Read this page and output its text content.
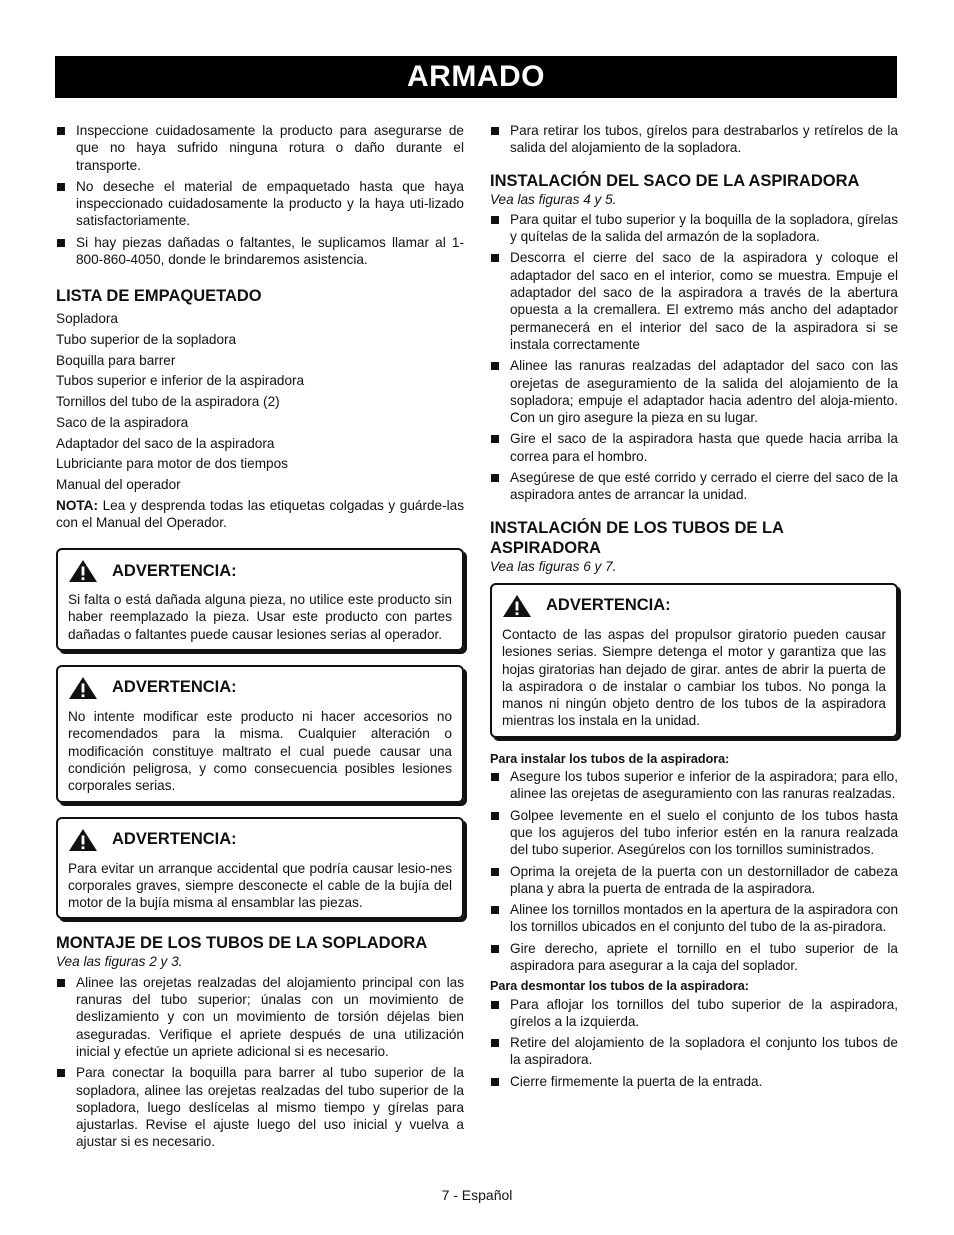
ARMADO
Inspeccione cuidadosamente la producto para asegurarse de que no haya sufrido ninguna rotura o daño durante el transporte.
No deseche el material de empaquetado hasta que haya inspeccionado cuidadosamente la producto y la haya uti-lizado satisfactoriamente.
Si hay piezas dañadas o faltantes, le suplicamos llamar al 1-800-860-4050, donde le brindaremos asistencia.
LISTA DE EMPAQUETADO
Sopladora
Tubo superior de la sopladora
Boquilla para barrer
Tubos superior e inferior de la aspiradora
Tornillos del tubo de la aspiradora (2)
Saco de la aspiradora
Adaptador del saco de la aspiradora
Lubriciante para motor de dos tiempos
Manual del operador
NOTA: Lea y desprenda todas las etiquetas colgadas y guárde-las con el Manual del Operador.
ADVERTENCIA:
Si falta o está dañada alguna pieza, no utilice este producto sin haber reemplazado la pieza. Usar este producto con partes dañadas o faltantes puede causar lesiones serias al operador.
ADVERTENCIA:
No intente modificar este producto ni hacer accesorios no recomendados para la misma. Cualquier alteración o modificación constituye maltrato el cual puede causar una condición peligrosa, y como consecuencia posibles lesiones corporales serias.
ADVERTENCIA:
Para evitar un arranque accidental que podría causar lesio-nes corporales graves, siempre desconecte el cable de la bujía del motor de la bujía misma al ensamblar las piezas.
MONTAJE DE LOS TUBOS DE LA SOPLADORA
Vea las figuras 2 y 3.
Alinee las orejetas realzadas del alojamiento principal con las ranuras del tubo superior; únalas con un movimiento de deslizamiento y con un movimiento de torsión déjelas bien aseguradas. Verifique el apriete después de una utilización inicial y efectúe un apriete adicional si es necesario.
Para conectar la boquilla para barrer al tubo superior de la sopladora, alinee las orejetas realzadas del tubo superior de la sopladora, luego deslícelas al mismo tiempo y gírelas para ajustarlas. Revise el ajuste luego del uso inicial y vuelva a ajustar si es necesario.
Para retirar los tubos, gírelos para destrabarlos y retírelos de la salida del alojamiento de la sopladora.
INSTALACIÓN DEL SACO DE LA ASPIRADORA
Vea las figuras 4 y 5.
Para quitar el tubo superior y la boquilla de la sopladora, gírelas y quítelas de la salida del armazón de la sopladora.
Descorra el cierre del saco de la aspiradora y coloque el adaptador del saco en el interior, como se muestra. Empuje el adaptador del saco de la aspiradora a través de la abertura opuesta a la cremallera. El extremo más ancho del adaptador permanecerá en el interior del saco de la aspiradora si se instala correctamente
Alinee las ranuras realzadas del adaptador del saco con las orejetas de aseguramiento de la salida del alojamiento de la sopladora; empuje el adaptador hacia adentro del aloja-miento. Con un giro asegure la pieza en su lugar.
Gire el saco de la aspiradora hasta que quede hacia arriba la correa para el hombro.
Asegúrese de que esté corrido y cerrado el cierre del saco de la aspiradora antes de arrancar la unidad.
INSTALACIÓN DE LOS TUBOS DE LA ASPIRADORA
Vea las figuras 6 y 7.
ADVERTENCIA:
Contacto de las aspas del propulsor giratorio pueden causar lesiones serias. Siempre detenga el motor y garantiza que las hojas giratorias han dejado de girar. antes de abrir la puerta de la aspiradora o de instalar o cambiar los tubos. No ponga la manos ni ningún objeto dentro de los tubos de la aspiradora mientras los instala en la unidad.
Para instalar los tubos de la aspiradora:
Asegure los tubos superior e inferior de la aspiradora; para ello, alinee las orejetas de aseguramiento con las ranuras realzadas.
Golpee levemente en el suelo el conjunto de los tubos hasta que los agujeros del tubo inferior estén en la ranura realzada del tubo superior. Asegúrelos con los tornillos suministrados.
Oprima la orejeta de la puerta con un destornillador de cabeza plana y abra la puerta de entrada de la aspiradora.
Alinee los tornillos montados en la apertura de la aspiradora con los tornillos ubicados en el conjunto del tubo de la as-piradora.
Gire derecho, apriete el tornillo en el tubo superior de la aspiradora para asegurar a la caja del soplador.
Para desmontar los tubos de la aspiradora:
Para aflojar los tornillos del tubo superior de la aspiradora, gírelos a la izquierda.
Retire del alojamiento de la sopladora el conjunto los tubos de la aspiradora.
Cierre firmemente la puerta de la entrada.
7 - Español
